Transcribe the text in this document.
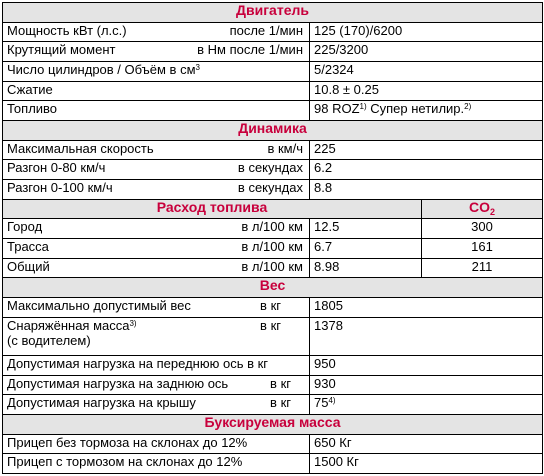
Двигатель		
Мощность кВт (л.с.) после 1/мин	125 (170)/6200	
Крутящий момент в Нм после 1/мин	225/3200	
Число цилиндров / Объём в $см^3$	5/2324	
Сжатие	10.8 ± 0.25	
Топливо	98 ROZ$^{1)}$ Супер нетилир.$^{2)}$
Динамика		
Максимальная скорость в км/ч	225	
Разгон 0-80 км/ч в секундах	6.2	
Разгон 0-100 км/ч в секундах	8.8	
Расход топлива		$CO_2$
Город в л/100 км	12.5	300
Трасса в л/100 км	6.7	161
Общий в л/100 км	8.98	211
Вес		
Максимально допустимый вес в кг	1805	
Снаряжённая масса$^{3)}$ в кг
(с водителем)	1378	
Допустимая нагрузка на переднюю ось в кг	950	
Допустимая нагрузка на заднюю ось в кг	930	
Допустимая нагрузка на крышу в кг	75$^{4)}$
Буксируемая масса		
Прицеп без тормоза на склонах до 12%	650 Кг	
Прицеп с тормозом на склонах до 12%	1500 Кг	
